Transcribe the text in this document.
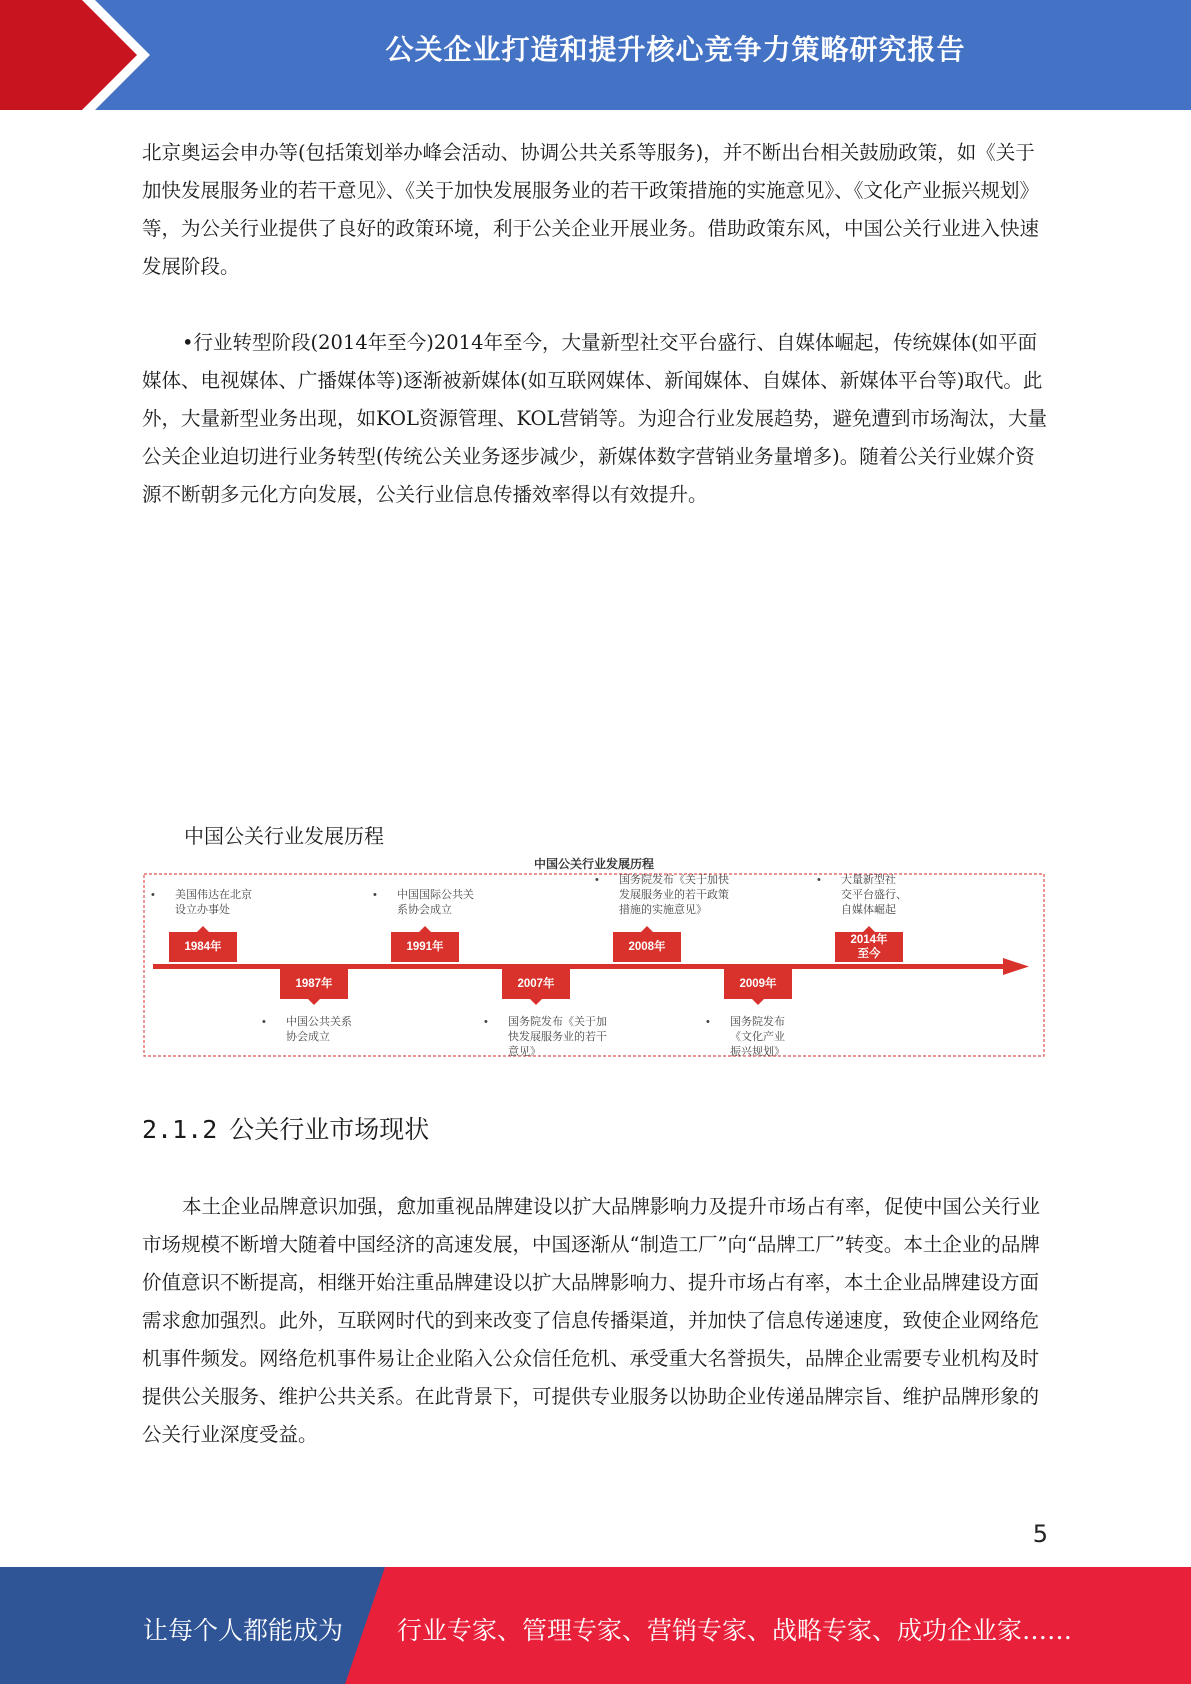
公关企业打造和提升核心竞争力策略研究报告

北京奥运会申办等(包括策划举办峰会活动、协调公共关系等服务)，并不断出台相关鼓励政策，如《关于加快发展服务业的若干意见》、《关于加快发展服务业的若干政策措施的实施意见》、《文化产业振兴规划》等，为公关行业提供了良好的政策环境，利于公关企业开展业务。借助政策东风，中国公关行业进入快速发展阶段。

•行业转型阶段(2014年至今)2014年至今，大量新型社交平台盛行、自媒体崛起，传统媒体(如平面媒体、电视媒体、广播媒体等)逐渐被新媒体(如互联网媒体、新闻媒体、自媒体、新媒体平台等)取代。此外，大量新型业务出现，如KOL资源管理、KOL营销等。为迎合行业发展趋势，避免遭到市场淘汰，大量公关企业迫切进行业务转型(传统公关业务逐步减少，新媒体数字营销业务量增多)。随着公关行业媒介资源不断朝多元化方向发展，公关行业信息传播效率得以有效提升。

中国公关行业发展历程
中国公关行业发展历程
1984年
• 美国伟达在北京
设立办事处
1987年
• 中国公共关系
协会成立
1991年
• 中国国际公共关
系协会成立
2007年
• 国务院发布《关于加
快发展服务业的若干
意见》
2008年
• 国务院发布《关于加快
发展服务业的若干政策
措施的实施意见》
2009年
• 国务院发布
《文化产业
振兴规划》
2014年
至今
• 大量新型社
交平台盛行、
自媒体崛起
2.1.2 公关行业市场现状

本土企业品牌意识加强，愈加重视品牌建设以扩大品牌影响力及提升市场占有率，促使中国公关行业市场规模不断增大随着中国经济的高速发展，中国逐渐从“制造工厂”向“品牌工厂”转变。本土企业的品牌价值意识不断提高，相继开始注重品牌建设以扩大品牌影响力、提升市场占有率，本土企业品牌建设方面需求愈加强烈。此外，互联网时代的到来改变了信息传播渠道，并加快了信息传递速度，致使企业网络危机事件频发。网络危机事件易让企业陷入公众信任危机、承受重大名誉损失，品牌企业需要专业机构及时提供公关服务、维护公共关系。在此背景下，可提供专业服务以协助企业传递品牌宗旨、维护品牌形象的公关行业深度受益。

5
让每个人都能成为 行业专家、管理专家、营销专家、战略专家、成功企业家……
